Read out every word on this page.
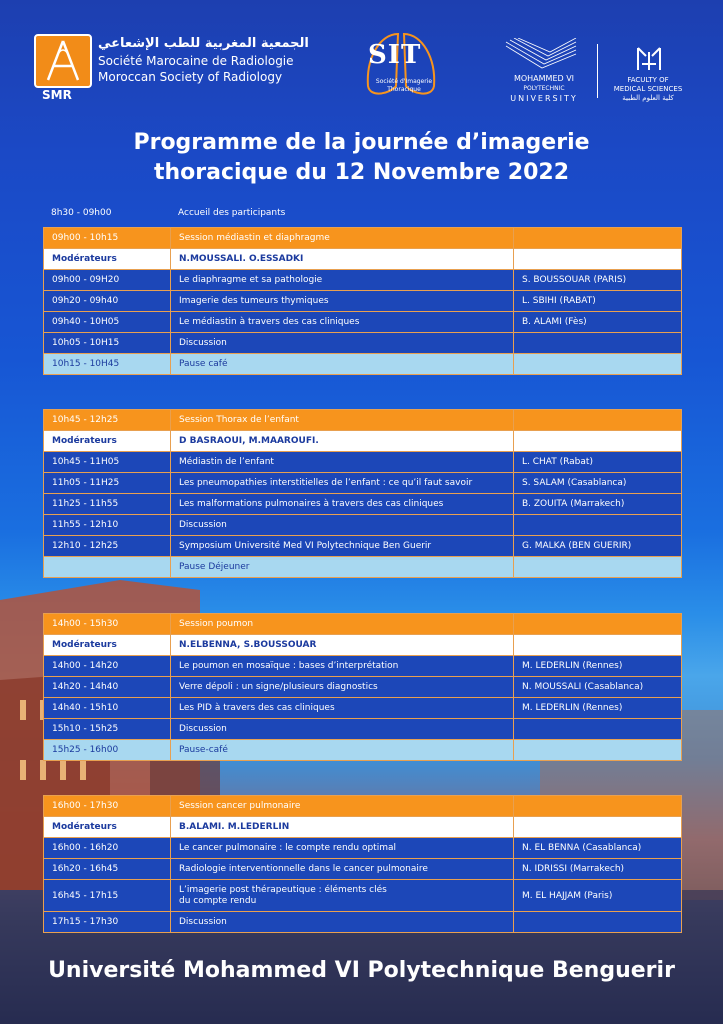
SMR
الجمعية المغربية للطب الإشعاعي
Société Marocaine de Radiologie
Moroccan Society of Radiology
SIT
Société d'Imagerie Thoracique
MOHAMMED VI
POLYTECHNIC
UNIVERSITY
FACULTY OF
MEDICAL SCIENCES
كلية العلوم الطبية
Programme de la journée d’imagerie
thoracique du 12 Novembre 2022
8h30 - 09h00	Accueil des participants	
09h00 - 10h15	Session médiastin et diaphragme	
Modérateurs	N.MOUSSALI. O.ESSADKI	
09h00 - 09H20	Le diaphragme et sa pathologie	S. BOUSSOUAR (PARIS)
09h20 - 09h40	Imagerie des tumeurs thymiques	L. SBIHI (RABAT)
09h40 - 10H05	Le médiastin à travers des cas cliniques	B. ALAMI (Fès)
10h05 - 10H15	Discussion	
10h15 - 10H45	Pause café	
10h45 - 12h25	Session Thorax de l’enfant	
Modérateurs	D BASRAOUI, M.MAAROUFI.	
10h45 - 11H05	Médiastin de l’enfant	L. CHAT (Rabat)
11h05 - 11H25	Les pneumopathies interstitielles de l’enfant : ce qu’il faut savoir	S. SALAM (Casablanca)
11h25 - 11h55	Les malformations pulmonaires à travers des cas cliniques	B. ZOUITA (Marrakech)
11h55 - 12h10	Discussion	
12h10 - 12h25	Symposium Université Med VI Polytechnique Ben Guerir	G. MALKA (BEN GUERIR)
	Pause Déjeuner	
14h00 - 15h30	Session poumon	
Modérateurs	N.ELBENNA, S.BOUSSOUAR	
14h00 - 14h20	Le poumon en mosaïque : bases d’interprétation	M. LEDERLIN (Rennes)
14h20 - 14h40	Verre dépoli : un signe/plusieurs diagnostics	N. MOUSSALI (Casablanca)
14h40 - 15h10	Les PID à travers des cas cliniques	M. LEDERLIN (Rennes)
15h10 - 15h25	Discussion	
15h25 - 16h00	Pause-café	
16h00 - 17h30	Session cancer pulmonaire	
Modérateurs	B.ALAMI. M.LEDERLIN	
16h00 - 16h20	Le cancer pulmonaire : le compte rendu optimal	N. EL BENNA (Casablanca)
16h20 - 16h45	Radiologie interventionnelle dans le cancer pulmonaire	N. IDRISSI (Marrakech)
16h45 - 17h15	L’imagerie post thérapeutique : éléments clés
du compte rendu	M. EL HAJJAM (Paris)
17h15 - 17h30	Discussion	
Université Mohammed VI Polytechnique Benguerir
